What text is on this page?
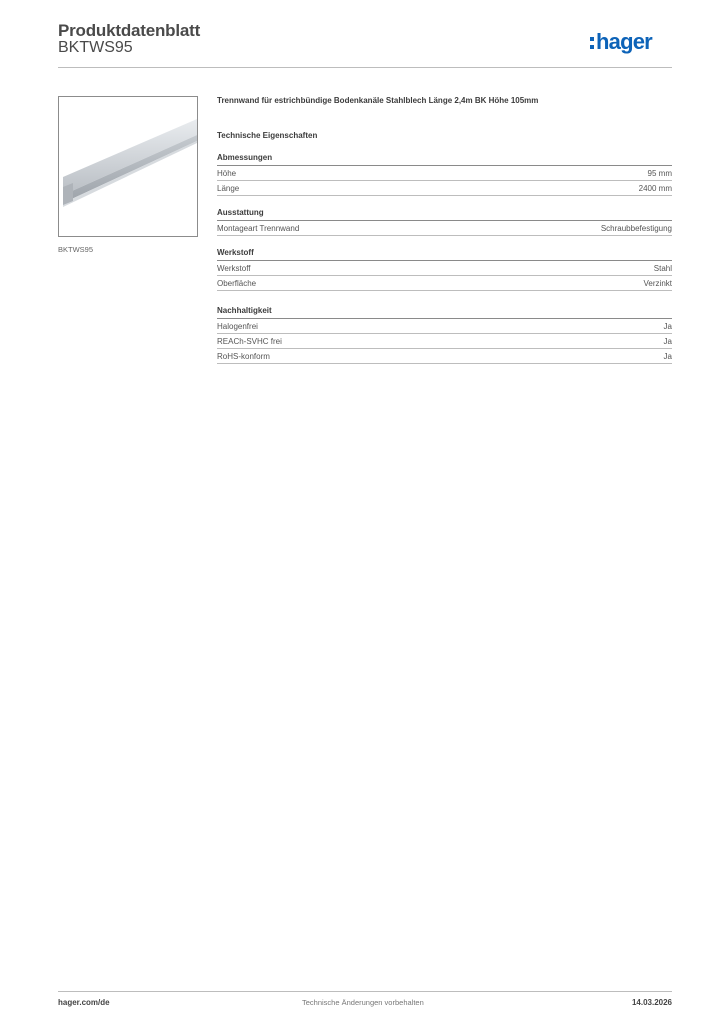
Produktdatenblatt
BKTWS95	hager
BKTWS95
Trennwand für estrichbündige Bodenkanäle Stahlblech Länge 2,4m BK Höhe 105mm
Technische Eigenschaften
Abmessungen
Höhe	95 mm
Länge	2400 mm
Ausstattung
Montageart Trennwand	Schraubbefestigung
Werkstoff
Werkstoff	Stahl
Oberfläche	Verzinkt
Nachhaltigkeit
Halogenfrei	Ja
REACh-SVHC frei	Ja
RoHS-konform	Ja
hager.com/de	Technische Änderungen vorbehalten	14.03.2026
